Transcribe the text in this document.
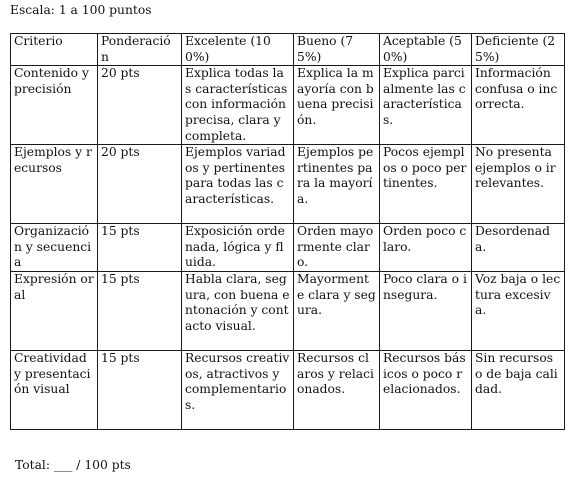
Escala: 1 a 100 puntos
Criterio	Ponderación	Excelente (100%)	Bueno (75%)	Aceptable (50%)	Deficiente (25%)
Contenido y precisión	20 pts	Explica todas las características con información precisa, clara y completa.	Explica la mayoría con buena precisión.	Explica parcialmente las características.	Información confusa o incorrecta.
Ejemplos y recursos	20 pts	Ejemplos variados y pertinentes para todas las características.	Ejemplos pertinentes para la mayoría.	Pocos ejemplos o poco pertinentes.	No presenta ejemplos o irrelevantes.
Organización y secuencia	15 pts	Exposición ordenada, lógica y fluida.	Orden mayormente claro.	Orden poco claro.	Desordenada.
Expresión oral	15 pts	Habla clara, segura, con buena entonación y contacto visual.	Mayormente clara y segura.	Poco clara o insegura.	Voz baja o lectura excesiva.
Creatividad y presentación visual	15 pts	Recursos creativos, atractivos y complementarios.	Recursos claros y relacionados.	Recursos básicos o poco relacionados.	Sin recursos o de baja calidad.
Total: ___ / 100 pts
